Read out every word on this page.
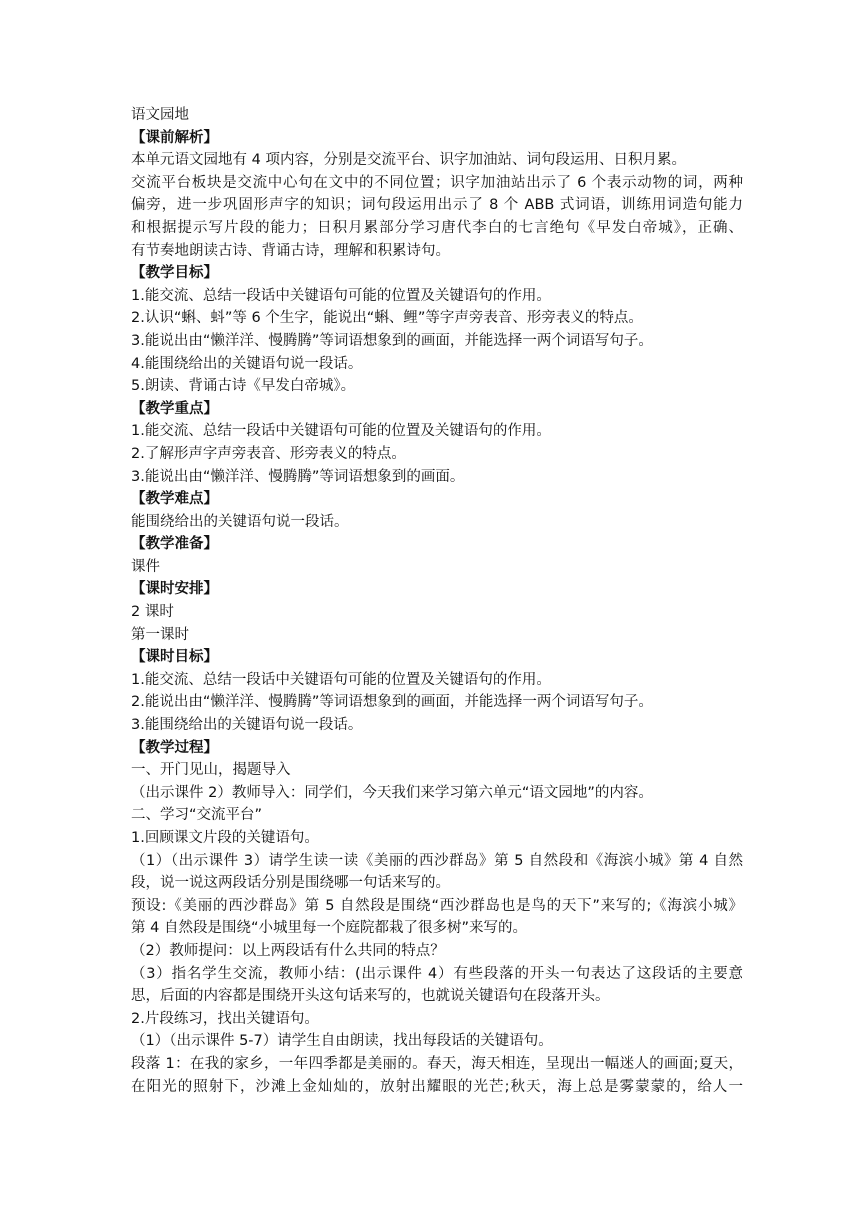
语文园地
【课前解析】
本单元语文园地有 4 项内容，分别是交流平台、识字加油站、词句段运用、日积月累。
交流平台板块是交流中心句在文中的不同位置；识字加油站出示了 6 个表示动物的词，两种
偏旁，进一步巩固形声字的知识；词句段运用出示了 8 个 ABB 式词语，训练用词造句能力
和根据提示写片段的能力；日积月累部分学习唐代李白的七言绝句《早发白帝城》，正确、
有节奏地朗读古诗、背诵古诗，理解和积累诗句。
【教学目标】
1.能交流、总结一段话中关键语句可能的位置及关键语句的作用。
2.认识“蝌、蚪”等 6 个生字，能说出“蝌、鲤”等字声旁表音、形旁表义的特点。
3.能说出由“懒洋洋、慢腾腾”等词语想象到的画面，并能选择一两个词语写句子。
4.能围绕给出的关键语句说一段话。
5.朗读、背诵古诗《早发白帝城》。
【教学重点】
1.能交流、总结一段话中关键语句可能的位置及关键语句的作用。
2.了解形声字声旁表音、形旁表义的特点。
3.能说出由“懒洋洋、慢腾腾”等词语想象到的画面。
【教学难点】
能围绕给出的关键语句说一段话。
【教学准备】
课件
【课时安排】
2 课时
第一课时
【课时目标】
1.能交流、总结一段话中关键语句可能的位置及关键语句的作用。
2.能说出由“懒洋洋、慢腾腾”等词语想象到的画面，并能选择一两个词语写句子。
3.能围绕给出的关键语句说一段话。
【教学过程】
一、开门见山，揭题导入
（出示课件 2）教师导入：同学们，今天我们来学习第六单元“语文园地”的内容。
二、学习“交流平台”
1.回顾课文片段的关键语句。
（1）（出示课件 3）请学生读一读《美丽的西沙群岛》第 5 自然段和《海滨小城》第 4 自然
段，说一说这两段话分别是围绕哪一句话来写的。
预设:《美丽的西沙群岛》第 5 自然段是围绕“西沙群岛也是鸟的天下”来写的;《海滨小城》
第 4 自然段是围绕“小城里每一个庭院都栽了很多树”来写的。
（2）教师提问：以上两段话有什么共同的特点？
（3）指名学生交流，教师小结：(出示课件 4）有些段落的开头一句表达了这段话的主要意
思，后面的内容都是围绕开头这句话来写的，也就说关键语句在段落开头。
2.片段练习，找出关键语句。
（1）（出示课件 5-7）请学生自由朗读，找出每段话的关键语句。
段落 1：在我的家乡，一年四季都是美丽的。春天，海天相连，呈现出一幅迷人的画面;夏天，
在阳光的照射下，沙滩上金灿灿的，放射出耀眼的光芒;秋天，海上总是雾蒙蒙的，给人一
